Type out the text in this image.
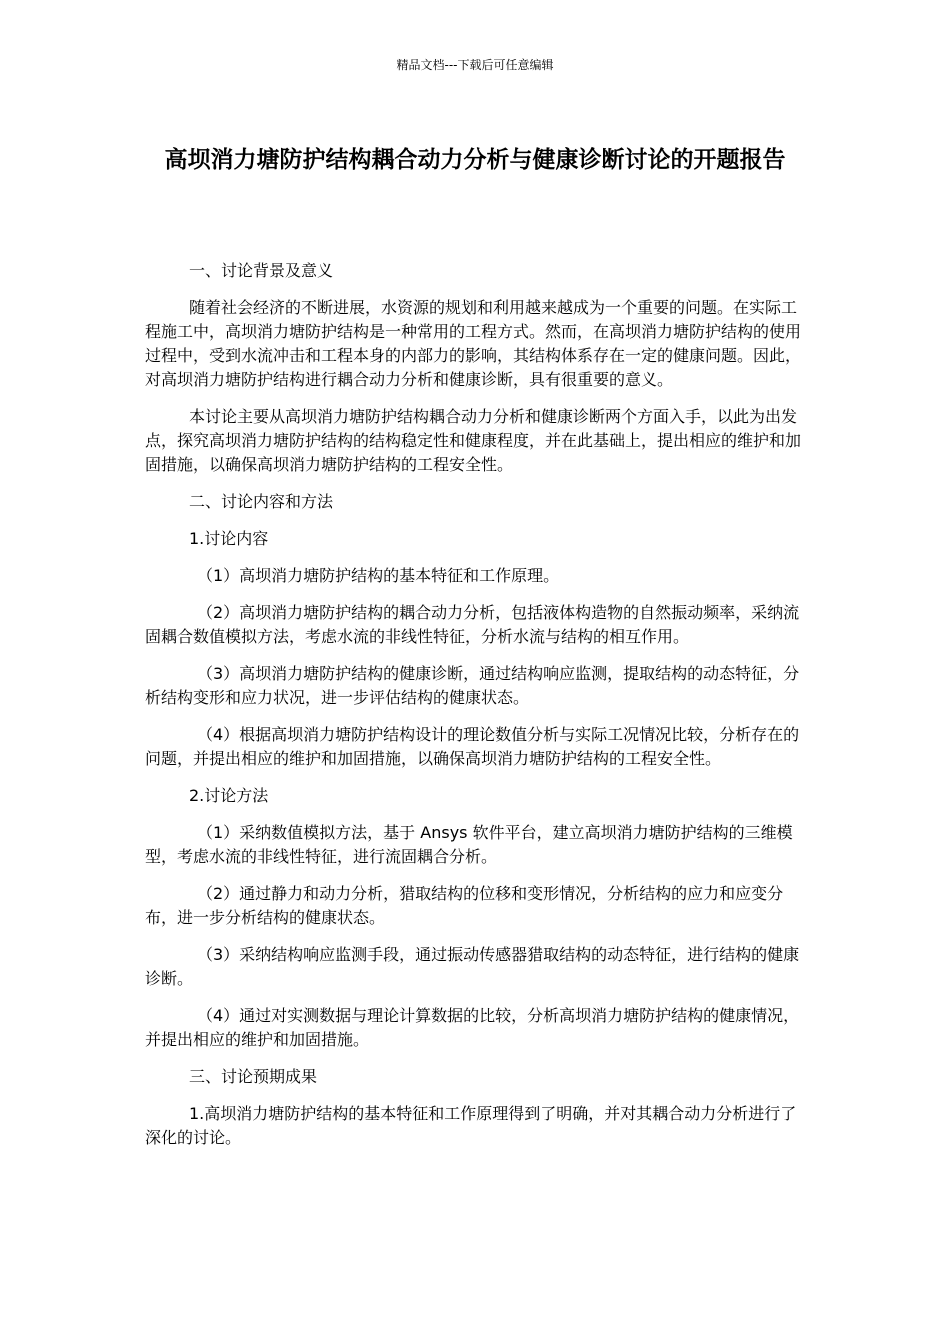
精品文档---下载后可任意编辑
高坝消力塘防护结构耦合动力分析与健康诊断讨论的开题报告

一、讨论背景及意义

随着社会经济的不断进展，水资源的规划和利用越来越成为一个重要的问题。在实际工程施工中，高坝消力塘防护结构是一种常用的工程方式。然而，在高坝消力塘防护结构的使用过程中，受到水流冲击和工程本身的内部力的影响，其结构体系存在一定的健康问题。因此，对高坝消力塘防护结构进行耦合动力分析和健康诊断，具有很重要的意义。

本讨论主要从高坝消力塘防护结构耦合动力分析和健康诊断两个方面入手，以此为出发点，探究高坝消力塘防护结构的结构稳定性和健康程度，并在此基础上，提出相应的维护和加固措施，以确保高坝消力塘防护结构的工程安全性。

二、讨论内容和方法

1.讨论内容

（1）高坝消力塘防护结构的基本特征和工作原理。

（2）高坝消力塘防护结构的耦合动力分析，包括液体构造物的自然振动频率，采纳流固耦合数值模拟方法，考虑水流的非线性特征，分析水流与结构的相互作用。

（3）高坝消力塘防护结构的健康诊断，通过结构响应监测，提取结构的动态特征，分析结构变形和应力状况，进一步评估结构的健康状态。

（4）根据高坝消力塘防护结构设计的理论数值分析与实际工况情况比较，分析存在的问题，并提出相应的维护和加固措施，以确保高坝消力塘防护结构的工程安全性。

2.讨论方法

（1）采纳数值模拟方法，基于 Ansys 软件平台，建立高坝消力塘防护结构的三维模型，考虑水流的非线性特征，进行流固耦合分析。

（2）通过静力和动力分析，猎取结构的位移和变形情况，分析结构的应力和应变分布，进一步分析结构的健康状态。

（3）采纳结构响应监测手段，通过振动传感器猎取结构的动态特征，进行结构的健康诊断。

（4）通过对实测数据与理论计算数据的比较，分析高坝消力塘防护结构的健康情况，并提出相应的维护和加固措施。

三、讨论预期成果

1.高坝消力塘防护结构的基本特征和工作原理得到了明确，并对其耦合动力分析进行了深化的讨论。
